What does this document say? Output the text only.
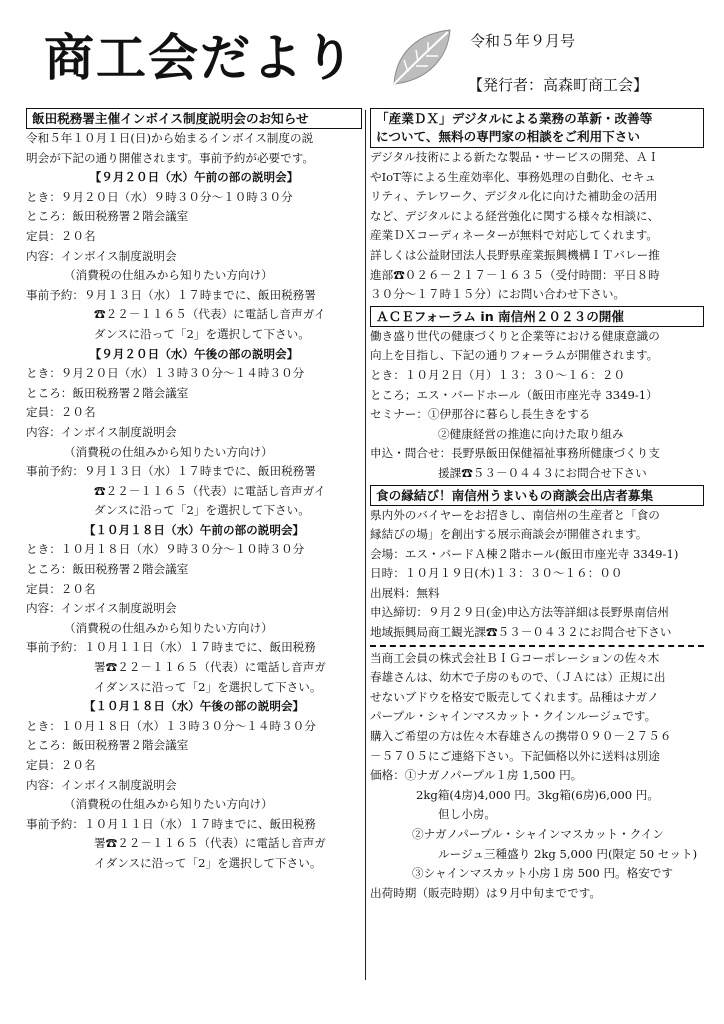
商工会だより	令和５年９月号
【発行者：高森町商工会】
飯田税務署主催インボイス制度説明会のお知らせ
令和５年１０月１日(日)から始まるインボイス制度の説
明会が下記の通り開催されます。事前予約が必要です。
【９月２０日（水）午前の部の説明会】
とき：９月２０日（水）９時３０分～１０時３０分
ところ：飯田税務署２階会議室
定員：２０名
内容：インボイス制度説明会
（消費税の仕組みから知りたい方向け）
事前予約：９月１３日（水）１７時までに、飯田税務署
☎２２－１１６５（代表）に電話し音声ガイ
ダンスに沿って「2」を選択して下さい。
【９月２０日（水）午後の部の説明会】
とき：９月２０日（水）１３時３０分～１４時３０分
ところ：飯田税務署２階会議室
定員：２０名
内容：インボイス制度説明会
（消費税の仕組みから知りたい方向け）
事前予約：９月１３日（水）１７時までに、飯田税務署
☎２２－１１６５（代表）に電話し音声ガイ
ダンスに沿って「2」を選択して下さい。
【１０月１８日（水）午前の部の説明会】
とき：１０月１８日（水）９時３０分～１０時３０分
ところ：飯田税務署２階会議室
定員：２０名
内容：インボイス制度説明会
（消費税の仕組みから知りたい方向け）
事前予約：１０月１１日（水）１７時までに、飯田税務
署☎２２－１１６５（代表）に電話し音声ガ
イダンスに沿って「2」を選択して下さい。
【１０月１８日（水）午後の部の説明会】
とき：１０月１８日（水）１３時３０分～１４時３０分
ところ：飯田税務署２階会議室
定員：２０名
内容：インボイス制度説明会
（消費税の仕組みから知りたい方向け）
事前予約：１０月１１日（水）１７時までに、飯田税務
署☎２２－１１６５（代表）に電話し音声ガ
イダンスに沿って「2」を選択して下さい。
「産業ＤＸ」デジタルによる業務の革新・改善等
について、無料の専門家の相談をご利用下さい
デジタル技術による新たな製品・サービスの開発、ＡＩ
やIoT等による生産効率化、事務処理の自動化、セキュ
リティ、テレワーク、デジタル化に向けた補助金の活用
など、デジタルによる経営強化に関する様々な相談に、
産業ＤＸコーディネーターが無料で対応してくれます。
詳しくは公益財団法人長野県産業振興機構ＩＴバレー推
進部☎０２６－２１７－１６３５（受付時間：平日８時
３０分～１７時１５分）にお問い合わせ下さい。
ＡＣＥフォーラム in 南信州２０２３の開催
働き盛り世代の健康づくりと企業等における健康意識の
向上を目指し、下記の通りフォーラムが開催されます。
とき：１０月２日（月）１３：３０～１６：２０
ところ；エス・バードホール（飯田市座光寺 3349-1）
セミナー：①伊那谷に暮らし長生きをする
②健康経営の推進に向けた取り組み
申込・問合せ：長野県飯田保健福祉事務所健康づくり支
援課☎５３－０４４３にお問合せ下さい
食の縁結び！南信州うまいもの商談会出店者募集
県内外のバイヤーをお招きし、南信州の生産者と「食の
縁結びの場」を創出する展示商談会が開催されます。
会場：エス・バードＡ棟２階ホール(飯田市座光寺 3349-1)
日時：１０月１９日(木)１３：３０～１６：００
出展料：無料
申込締切：９月２９日(金)申込方法等詳細は長野県南信州
地域振興局商工観光課☎５３－０４３２にお問合せ下さい
当商工会員の株式会社ＢＩＧコーポレーションの佐々木
春雄さんは、幼木で子房のもので、（ＪＡには）正規に出
せないブドウを格安で販売してくれます。品種はナガノ
パープル・シャインマスカット・クインルージュです。
購入ご希望の方は佐々木春雄さんの携帯０９０－２７５６
－５７０５にご連絡下さい。下記価格以外に送料は別途
価格：①ナガノパープル１房 1,500 円。
2kg箱(4房)4,000 円。3kg箱(6房)6,000 円。
但し小房。
②ナガノパープル・シャインマスカット・クイン
ルージュ三種盛り 2kg 5,000 円(限定 50 セット)
③シャインマスカット小房１房 500 円。格安です
出荷時期（販売時期）は９月中旬までです。
